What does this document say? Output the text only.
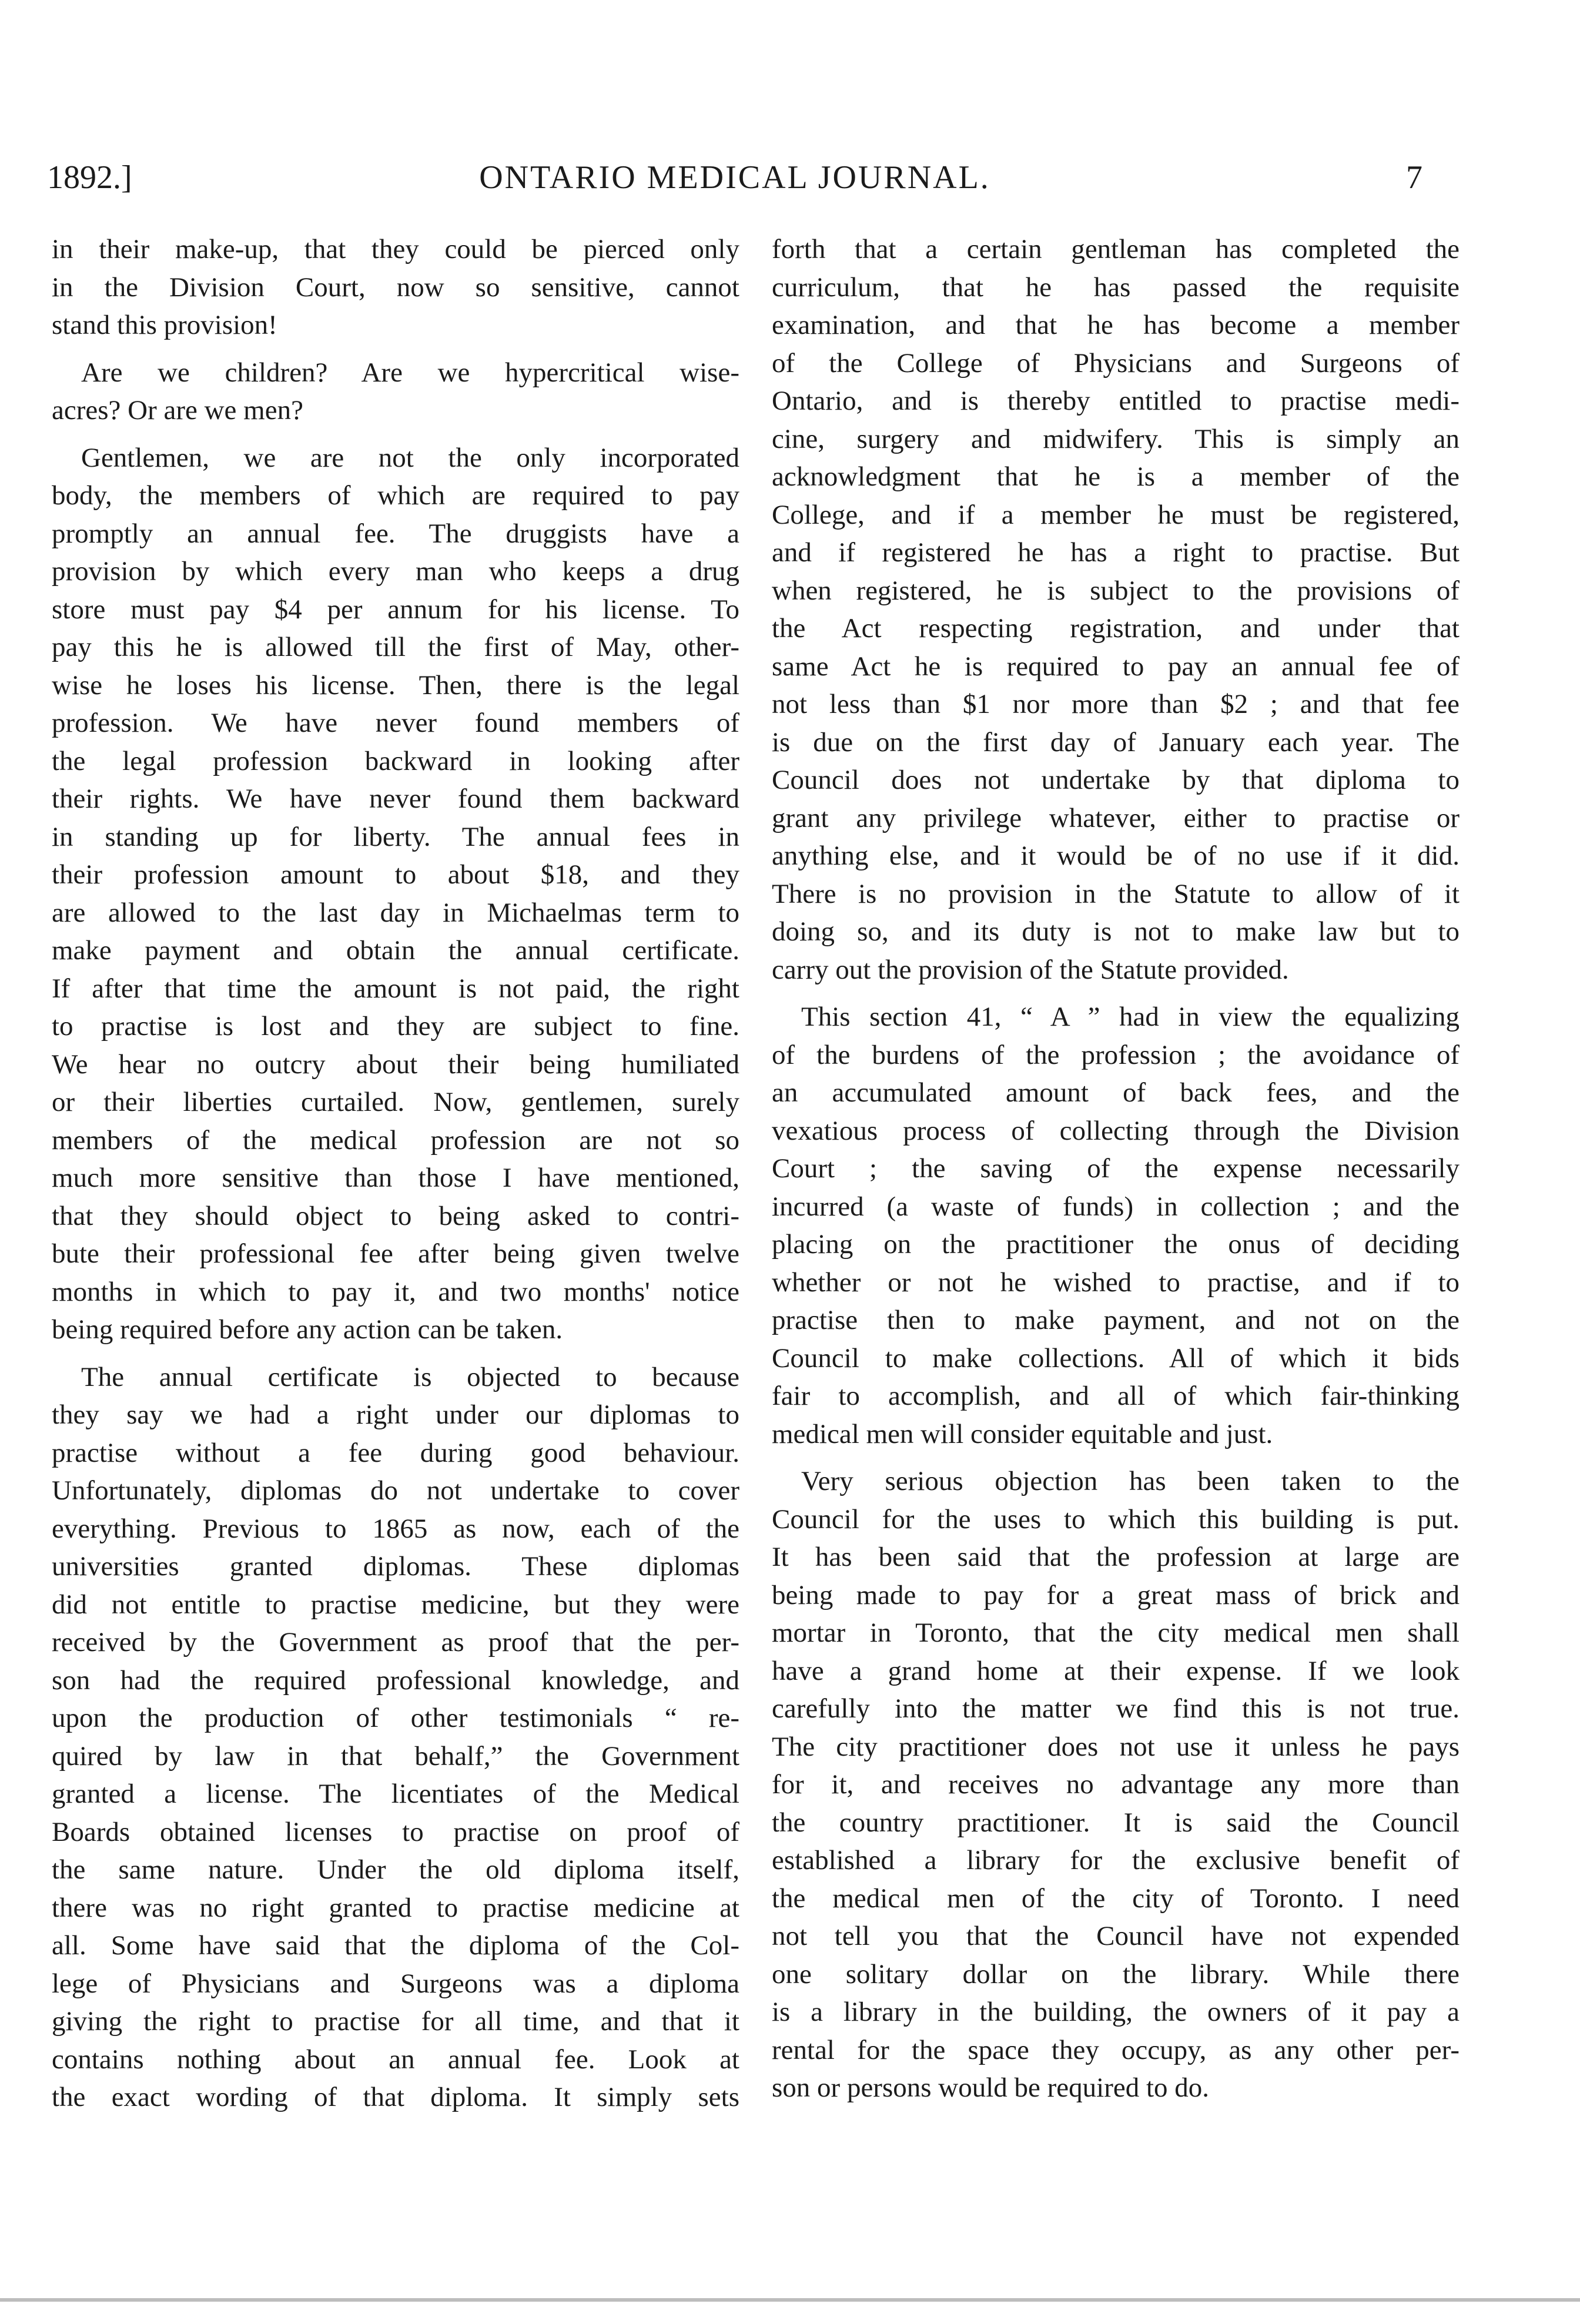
1892.]	ONTARIO MEDICAL JOURNAL.	7
in their make-up, that they could be pierced only
in the Division Court, now so sensitive, cannot
stand this provision!
Are we children? Are we hypercritical wise-
acres? Or are we men?
Gentlemen, we are not the only incorporated
body, the members of which are required to pay
promptly an annual fee. The druggists have a
provision by which every man who keeps a drug
store must pay $4 per annum for his license. To
pay this he is allowed till the first of May, other-
wise he loses his license. Then, there is the legal
profession. We have never found members of
the legal profession backward in looking after
their rights. We have never found them backward
in standing up for liberty. The annual fees in
their profession amount to about $18, and they
are allowed to the last day in Michaelmas term to
make payment and obtain the annual certificate.
If after that time the amount is not paid, the right
to practise is lost and they are subject to fine.
We hear no outcry about their being humiliated
or their liberties curtailed. Now, gentlemen, surely
members of the medical profession are not so
much more sensitive than those I have mentioned,
that they should object to being asked to contri-
bute their professional fee after being given twelve
months in which to pay it, and two months' notice
being required before any action can be taken.
The annual certificate is objected to because
they say we had a right under our diplomas to
practise without a fee during good behaviour.
Unfortunately, diplomas do not undertake to cover
everything. Previous to 1865 as now, each of the
universities granted diplomas. These diplomas
did not entitle to practise medicine, but they were
received by the Government as proof that the per-
son had the required professional knowledge, and
upon the production of other testimonials “ re-
quired by law in that behalf,” the Government
granted a license. The licentiates of the Medical
Boards obtained licenses to practise on proof of
the same nature. Under the old diploma itself,
there was no right granted to practise medicine at
all. Some have said that the diploma of the Col-
lege of Physicians and Surgeons was a diploma
giving the right to practise for all time, and that it
contains nothing about an annual fee. Look at
the exact wording of that diploma. It simply sets
forth that a certain gentleman has completed the
curriculum, that he has passed the requisite
examination, and that he has become a member
of the College of Physicians and Surgeons of
Ontario, and is thereby entitled to practise medi-
cine, surgery and midwifery. This is simply an
acknowledgment that he is a member of the
College, and if a member he must be registered,
and if registered he has a right to practise. But
when registered, he is subject to the provisions of
the Act respecting registration, and under that
same Act he is required to pay an annual fee of
not less than $1 nor more than $2 ; and that fee
is due on the first day of January each year. The
Council does not undertake by that diploma to
grant any privilege whatever, either to practise or
anything else, and it would be of no use if it did.
There is no provision in the Statute to allow of it
doing so, and its duty is not to make law but to
carry out the provision of the Statute provided.
This section 41, “ A ” had in view the equalizing
of the burdens of the profession ; the avoidance of
an accumulated amount of back fees, and the
vexatious process of collecting through the Division
Court ; the saving of the expense necessarily
incurred (a waste of funds) in collection ; and the
placing on the practitioner the onus of deciding
whether or not he wished to practise, and if to
practise then to make payment, and not on the
Council to make collections. All of which it bids
fair to accomplish, and all of which fair-thinking
medical men will consider equitable and just.
Very serious objection has been taken to the
Council for the uses to which this building is put.
It has been said that the profession at large are
being made to pay for a great mass of brick and
mortar in Toronto, that the city medical men shall
have a grand home at their expense. If we look
carefully into the matter we find this is not true.
The city practitioner does not use it unless he pays
for it, and receives no advantage any more than
the country practitioner. It is said the Council
established a library for the exclusive benefit of
the medical men of the city of Toronto. I need
not tell you that the Council have not expended
one solitary dollar on the library. While there
is a library in the building, the owners of it pay a
rental for the space they occupy, as any other per-
son or persons would be required to do.
